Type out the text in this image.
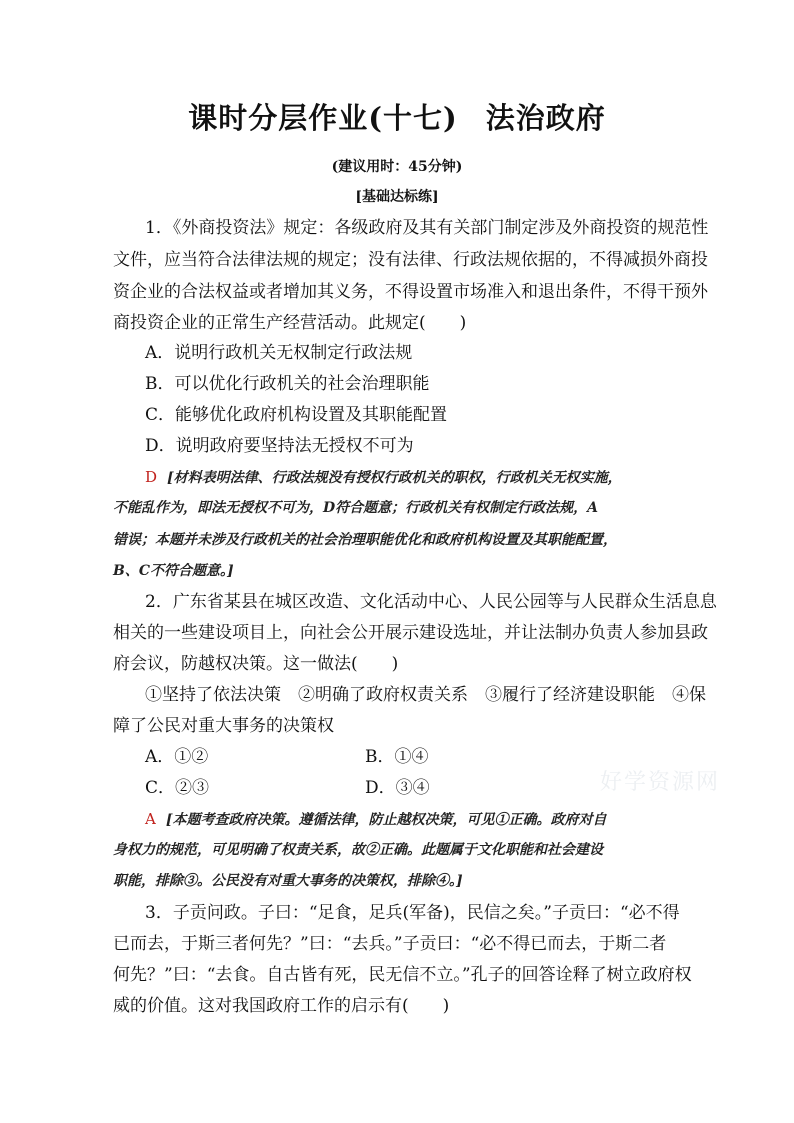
课时分层作业(十七) 法治政府
(建议用时：45分钟)
[基础达标练]
1．《外商投资法》规定：各级政府及其有关部门制定涉及外商投资的规范性
文件，应当符合法律法规的规定；没有法律、行政法规依据的，不得减损外商投
资企业的合法权益或者增加其义务，不得设置市场准入和退出条件，不得干预外
商投资企业的正常生产经营活动。此规定(　　)
A．说明行政机关无权制定行政法规
B．可以优化行政机关的社会治理职能
C．能够优化政府机构设置及其职能配置
D．说明政府要坚持法无授权不可为
D [材料表明法律、行政法规没有授权行政机关的职权，行政机关无权实施，
不能乱作为，即法无授权不可为，D符合题意；行政机关有权制定行政法规，A
错误；本题并未涉及行政机关的社会治理职能优化和政府机构设置及其职能配置，
B、C不符合题意。]
2．广东省某县在城区改造、文化活动中心、人民公园等与人民群众生活息息
相关的一些建设项目上，向社会公开展示建设选址，并让法制办负责人参加县政
府会议，防越权决策。这一做法(　　)
①坚持了依法决策　②明确了政府权责关系　③履行了经济建设职能　④保
障了公民对重大事务的决策权
A．①②	B．①④
C．②③	D．③④
A [本题考查政府决策。遵循法律，防止越权决策，可见①正确。政府对自
身权力的规范，可见明确了权责关系，故②正确。此题属于文化职能和社会建设
职能，排除③。公民没有对重大事务的决策权，排除④。]
3．子贡问政。子曰：“足食，足兵(军备)，民信之矣。”子贡曰：“必不得
已而去，于斯三者何先？”曰：“去兵。”子贡曰：“必不得已而去，于斯二者
何先？”曰：“去食。自古皆有死，民无信不立。”孔子的回答诠释了树立政府权
威的价值。这对我国政府工作的启示有(　　)
好学资源网
